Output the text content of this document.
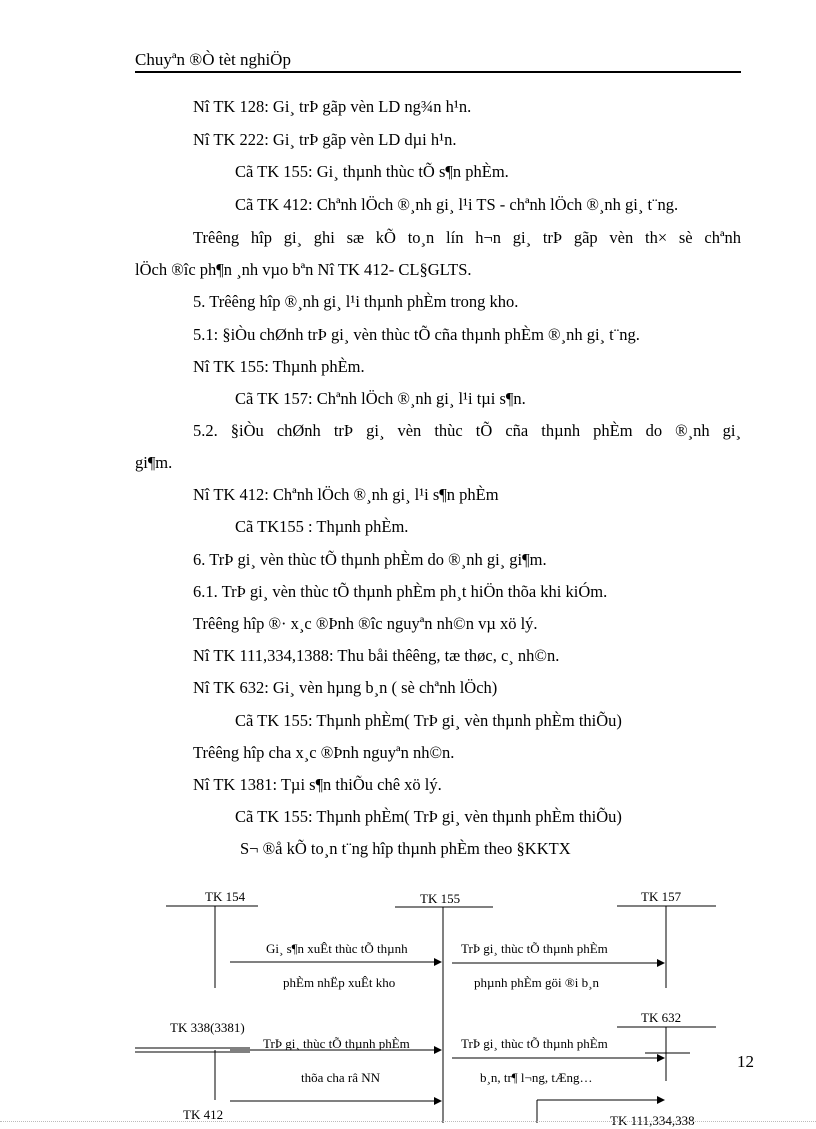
Chuyªn ®Ò tèt nghiÖp
Nî TK 128: Gi¸ trÞ gãp vèn LD ng¾n h¹n.
Nî TK 222: Gi¸ trÞ gãp vèn LD dµi h¹n.
Cã TK 155: Gi¸ thµnh thùc tÕ s¶n phÈm.
Cã TK 412: Chªnh lÖch ®¸nh gi¸ l¹i TS - chªnh lÖch ®¸nh gi¸ t¨ng.
Trêêng hîp gi¸ ghi sæ kÕ to¸n lín h¬n gi¸ trÞ gãp vèn th× sè chªnh
lÖch ®îc ph¶n ¸nh vµo bªn Nî TK 412- CL§GLTS.
5. Trêêng hîp ®¸nh gi¸ l¹i thµnh phÈm trong kho.
5.1: §iÒu chØnh trÞ gi¸ vèn thùc tÕ cña thµnh phÈm ®¸nh gi¸ t¨ng.
Nî TK 155: Thµnh phÈm.
Cã TK 157: Chªnh lÖch ®¸nh gi¸ l¹i tµi s¶n.
5.2. §iÒu chØnh trÞ gi¸ vèn thùc tÕ cña thµnh phÈm do ®¸nh gi¸
gi¶m.
Nî TK 412: Chªnh lÖch ®¸nh gi¸ l¹i s¶n phÈm
Cã TK155 : Thµnh phÈm.
6. TrÞ gi¸ vèn thùc tÕ thµnh phÈm do ®¸nh gi¸ gi¶m.
6.1. TrÞ gi¸ vèn thùc tÕ thµnh phÈm ph¸t hiÖn thõa khi kiÓm.
Trêêng hîp ®· x¸c ®Þnh ®îc nguyªn nh©n vµ xö lý.
Nî TK 111,334,1388: Thu båi thêêng, tæ thøc, c¸ nh©n.
Nî TK 632: Gi¸ vèn hµng b¸n ( sè chªnh lÖch)
Cã TK 155: Thµnh phÈm( TrÞ gi¸ vèn thµnh phÈm thiÕu)
Trêêng hîp cha x¸c ®Þnh nguyªn nh©n.
Nî TK 1381: Tµi s¶n thiÕu chê xö lý.
Cã TK 155: Thµnh phÈm( TrÞ gi¸ vèn thµnh phÈm thiÕu)
S¬ ®å kÕ to¸n t¨ng hîp thµnh phÈm theo §KKTX
TK 154	TK 155	TK 157
TK 338(3381)
TK 632
TK 412	TK 111,334,338
Gi¸ s¶n xuÊt thùc tÕ thµnh
phÈm nhËp xuÊt kho
TrÞ gi¸ thùc tÕ thµnh phÈm
phµnh phÈm göi ®i b¸n
TrÞ gi¸ thùc tÕ thµnh phÈm
thõa cha râ NN
TrÞ gi¸ thùc tÕ thµnh phÈm
b¸n, tr¶ l¬ng, tÆng…
12
